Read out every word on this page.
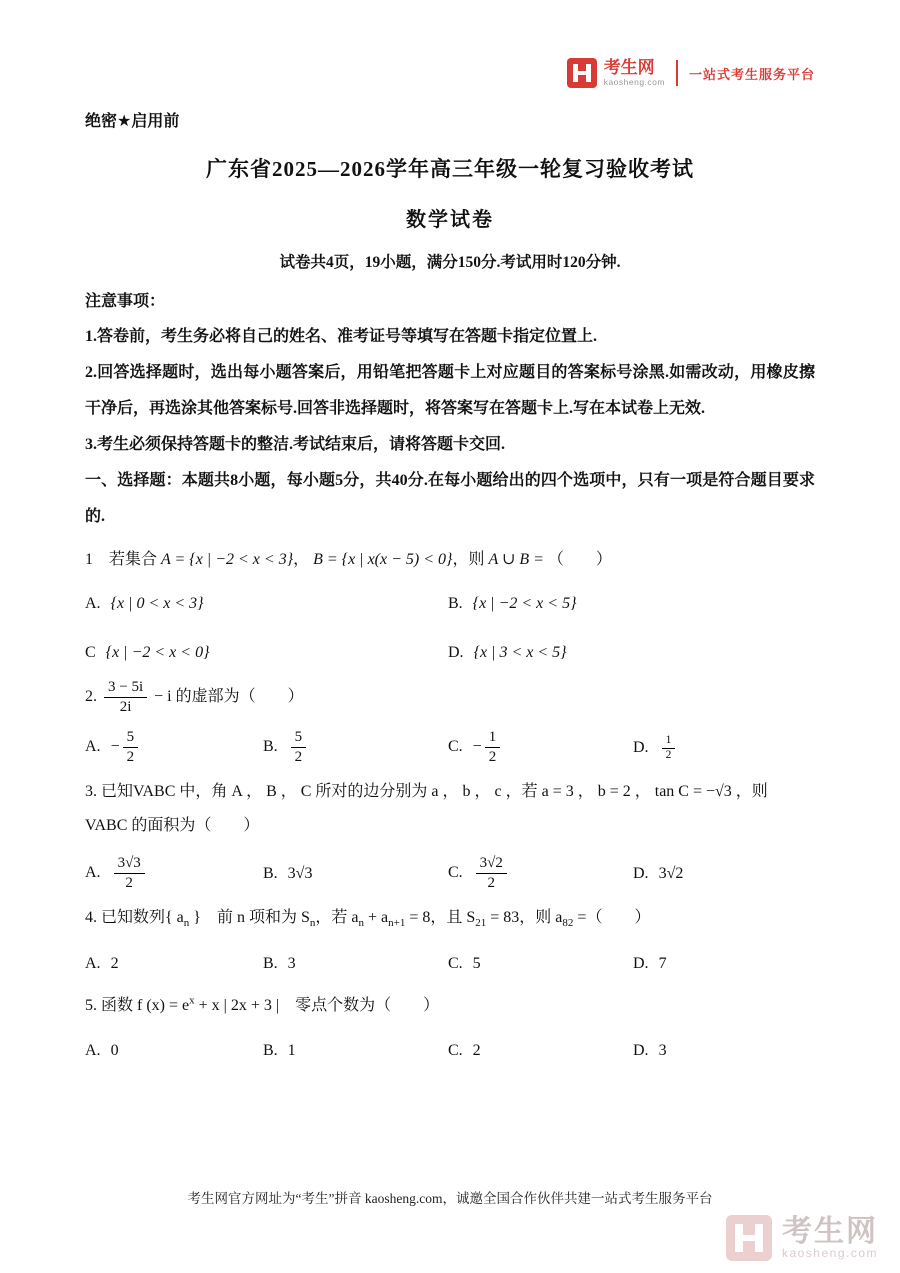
考生网
kaosheng.com
一站式考生服务平台
绝密★启用前
广东省2025—2026学年高三年级一轮复习验收考试
数学试卷
试卷共4页，19小题，满分150分.考试用时120分钟.
注意事项：

1.答卷前，考生务必将自己的姓名、准考证号等填写在答题卡指定位置上.

2.回答选择题时，选出每小题答案后，用铅笔把答题卡上对应题目的答案标号涂黑.如需改动，用橡皮擦干净后，再选涂其他答案标号.回答非选择题时，将答案写在答题卡上.写在本试卷上无效.

3.考生必须保持答题卡的整洁.考试结束后，请将答题卡交回.

一、选择题：本题共8小题，每小题5分，共40分.在每小题给出的四个选项中，只有一项是符合题目要求的.

1　若集合 A = {x | −2 < x < 3}， B = {x | x(x − 5) < 0}，则 A ∪ B = （　　）
A. {x | 0 < x < 3}	B. {x | −2 < x < 5}
C {x | −2 < x < 0}	D. {x | 3 < x < 5}
2. $\frac{3 - 5i}{2i} - i$ 的虚部为（　　）
A. − $\frac{5}{2}$	B. $\frac{5}{2}$	C. − $\frac{1}{2}$	D. $\frac{1}{2}$
3. 已知VABC 中，角 A ， B ， C 所对的边分别为 a ， b ， c ，若 a = 3 ， b = 2 ， tan C = −√3 ，则
VABC 的面积为（　　）
A. $\frac{3√3}{2}$	B. 3√3	C. $\frac{3√2}{2}$	D. 3√2
4. 已知数列{ $a_n$ }　前 n 项和为 $S_n$，若 $a_n + a_{n+1} = 8$，且 $S_{21} = 83$，则 $a_{82}$ =（　　）
A. 2	B. 3	C. 5	D. 7
5. 函数 f $(x) = e^x + x$ | 2x + 3 |　零点个数为（　　）
A. 0	B. 1	C. 2	D. 3
考生网官方网址为“考生”拼音 kaosheng.com，诚邀全国合作伙伴共建一站式考生服务平台
考生网
kaosheng.com
